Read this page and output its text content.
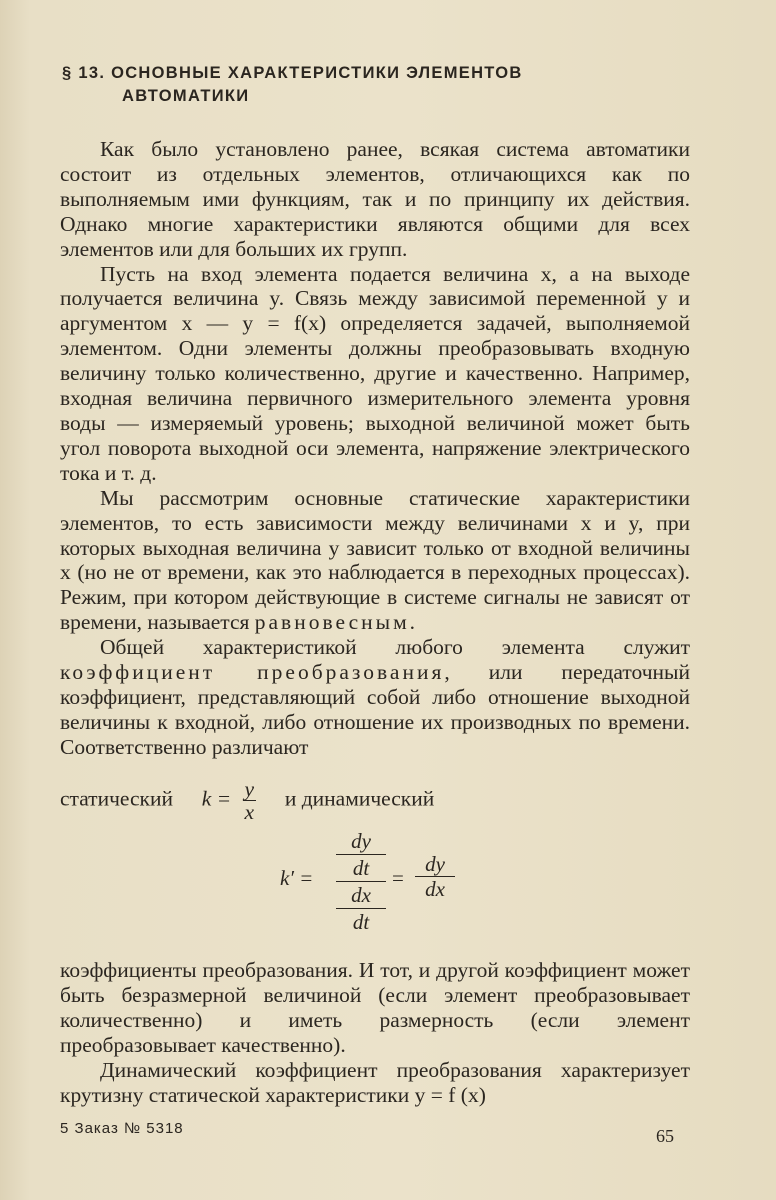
§ 13. ОСНОВНЫЕ ХАРАКТЕРИСТИКИ ЭЛЕМЕНТОВ
АВТОМАТИКИ

Как было установлено ранее, всякая система автоматики состоит из отдельных элементов, отличающихся как по выполняемым ими функциям, так и по принципу их действия. Однако многие характеристики являются общими для всех элементов или для больших их групп.

Пусть на вход элемента подается величина x, а на выходе получается величина y. Связь между зависимой переменной y и аргументом x — y = f(x) определяется задачей, выполняемой элементом. Одни элементы должны преобразовывать входную величину только количественно, другие и качественно. Например, входная величина первичного измерительного элемента уровня воды — измеряемый уровень; выходной величиной может быть угол поворота выходной оси элемента, напряжение электрического тока и т. д.

Мы рассмотрим основные статические характеристики элементов, то есть зависимости между величинами x и y, при которых выходная величина y зависит только от входной величины x (но не от времени, как это наблюдается в переходных процессах). Режим, при котором действующие в системе сигналы не зависят от времени, называется равновесным.

Общей характеристикой любого элемента служит коэффициент преобразования, или передаточный коэффициент, представляющий собой либо отношение выходной величины к входной, либо отношение их производных по времени. Соответственно различают

статический $k = \frac{y}{x}$ и динамический
k′ =
dy
dt
dx
dt
= $\frac{dy}{dx}$

коэффициенты преобразования. И тот, и другой коэффициент может быть безразмерной величиной (если элемент преобразовывает количественно) и иметь размерность (если элемент преобразовывает качественно).

Динамический коэффициент преобразования характеризует крутизну статической характеристики y = f (x)

5 Заказ № 5318	65
